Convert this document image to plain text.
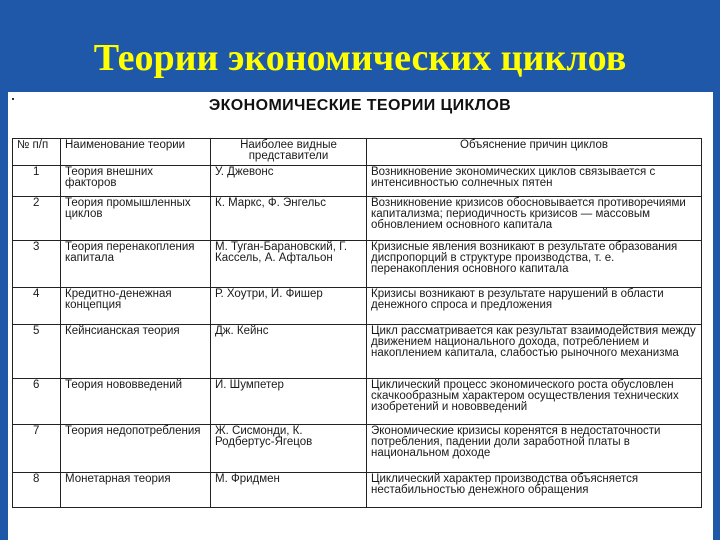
Теории экономических циклов
ЭКОНОМИЧЕСКИЕ ТЕОРИИ ЦИКЛОВ
№ п/п	Наименование теории	Наиболее видные представители	Объяснение причин циклов
1	Теория внешних факторов	У. Джевонс	Возникновение экономических циклов связывается с интенсивностью солнечных пятен
2	Теория промышленных циклов	К. Маркс, Ф. Энгельс	Возникновение кризисов обосновывается противоречиями капитализма; периодичность кризисов — массовым обновлением основного капитала
3	Теория перенакопления капитала	М. Туган-Барановский, Г. Кассель, А. Афтальон	Кризисные явления возникают в результате образования диспропорций в структуре производства, т. е. перенакопления основного капитала
4	Кредитно-денежная концепция	Р. Хоутри, И. Фишер	Кризисы возникают в результате нарушений в области денежного спроса и предложения
5	Кейнсианская теория	Дж. Кейнс	Цикл рассматривается как результат взаимодействия между движением национального дохода, потреблением и накоплением капитала, слабостью рыночного механизма
6	Теория нововведений	Й. Шумпетер	Циклический процесс экономического роста обусловлен скачкообразным характером осуществления технических изобретений и нововведений
7	Теория недопотребления	Ж. Сисмонди, К. Родбертус-Ягецов	Экономические кризисы коренятся в недостаточности потребления, падении доли заработной платы в национальном доходе
8	Монетарная теория	М. Фридмен	Циклический характер производства объясняется нестабильностью денежного обращения
